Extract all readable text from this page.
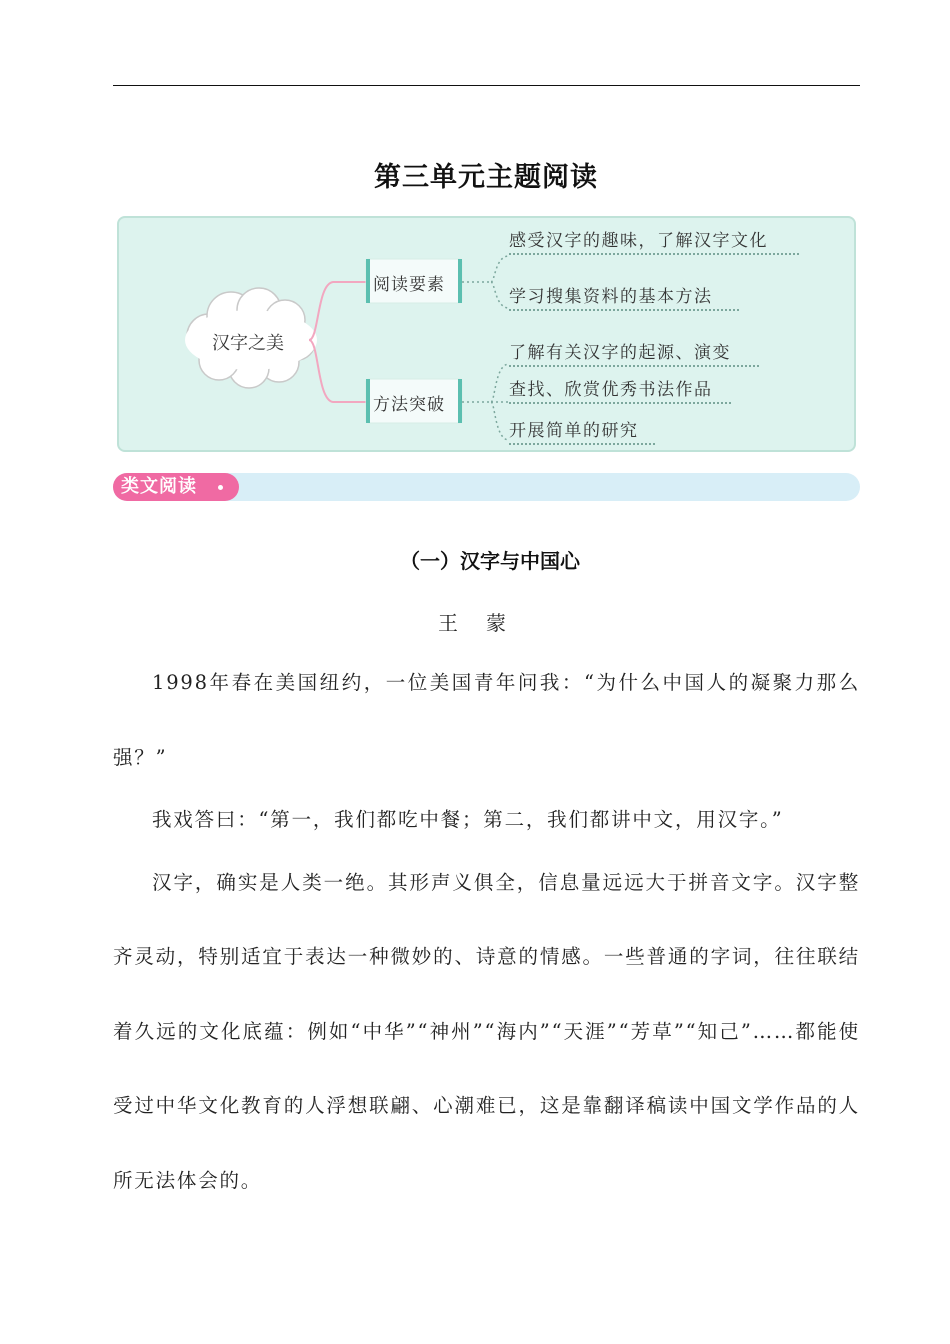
第三单元主题阅读
汉字之美
阅读要素
方法突破
感受汉字的趣味，了解汉字文化
学习搜集资料的基本方法
了解有关汉字的起源、演变
查找、欣赏优秀书法作品
开展简单的研究
类文阅读
（一）汉字与中国心
王蒙

1998年春在美国纽约，一位美国青年问我：“为什么中国人的凝聚力那么强？”

我戏答曰：“第一，我们都吃中餐；第二，我们都讲中文，用汉字。”

汉字，确实是人类一绝。其形声义俱全，信息量远远大于拼音文字。汉字整齐灵动，特别适宜于表达一种微妙的、诗意的情感。一些普通的字词，往往联结着久远的文化底蕴：例如“中华”“神州”“海内”“天涯”“芳草”“知己”……都能使受过中华文化教育的人浮想联翩、心潮难已，这是靠翻译稿读中国文学作品的人所无法体会的。
